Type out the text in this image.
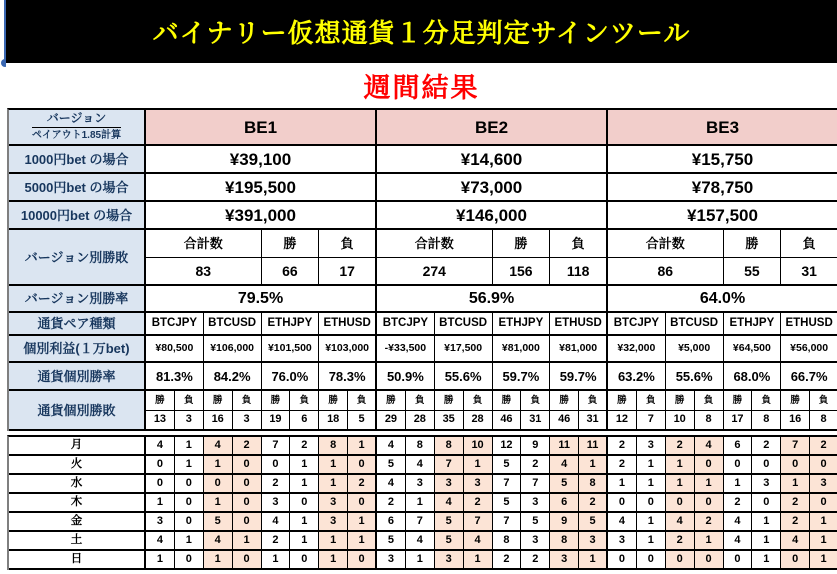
バイナリー仮想通貨１分足判定サインツール
週間結果
バージョン
ペイアウト1.85計算	BE1	BE2	BE3
1000円bet の場合	¥39,100	¥14,600	¥15,750
5000円bet の場合	¥195,500	¥73,000	¥78,750
10000円bet の場合	¥391,000	¥146,000	¥157,500
バージョン別勝敗
合計数	勝	負	合計数	勝	負	合計数	勝	負
83	66	17	274	156	118	86	55	31
バージョン別勝率	79.5%	56.9%	64.0%
通貨ペア種類	BTCJPY BTCUSD ETHJPY ETHUSD	BTCJPY BTCUSD ETHJPY ETHUSD	BTCJPY BTCUSD ETHJPY ETHUSD
個別利益(１万bet)	¥80,500	¥106,000	¥101,500	¥103,000	-¥33,500	¥17,500	¥81,000	¥81,000	¥32,000	¥5,000	¥64,500	¥56,000
通貨個別勝率	81.3%	84.2%	76.0%	78.3%	50.9%	55.6%	59.7%	59.7%	63.2%	55.6%	68.0%	66.7%
通貨個別勝敗
勝	負	勝	負	勝	負	勝	負	勝	負	勝	負	勝	負	勝	負	勝	負	勝	負	勝	負	勝	負
13	3	16	3	19	6	18	5	29	28	35	28	46	31	46	31	12	7	10	8	17	8	16	8
月	4	1	4	2	7	2	8	1	4	8	8	10	12	9	11	11	2	3	2	4	6	2	7	2
火	0	1	1	0	0	1	1	0	5	4	7	1	5	2	4	1	2	1	1	0	0	0	0	0
水	0	0	0	0	2	1	1	2	4	3	3	3	7	7	5	8	1	1	1	1	1	3	1	3
木	1	0	1	0	3	0	3	0	2	1	4	2	5	3	6	2	0	0	0	0	2	0	2	0
金	3	0	5	0	4	1	3	1	6	7	5	7	7	5	9	5	4	1	4	2	4	1	2	1
土	4	1	4	1	2	1	1	1	5	4	5	4	8	3	8	3	3	1	2	1	4	1	4	1
日	1	0	1	0	1	0	1	0	3	1	3	1	2	2	3	1	0	0	0	0	0	1	0	1
